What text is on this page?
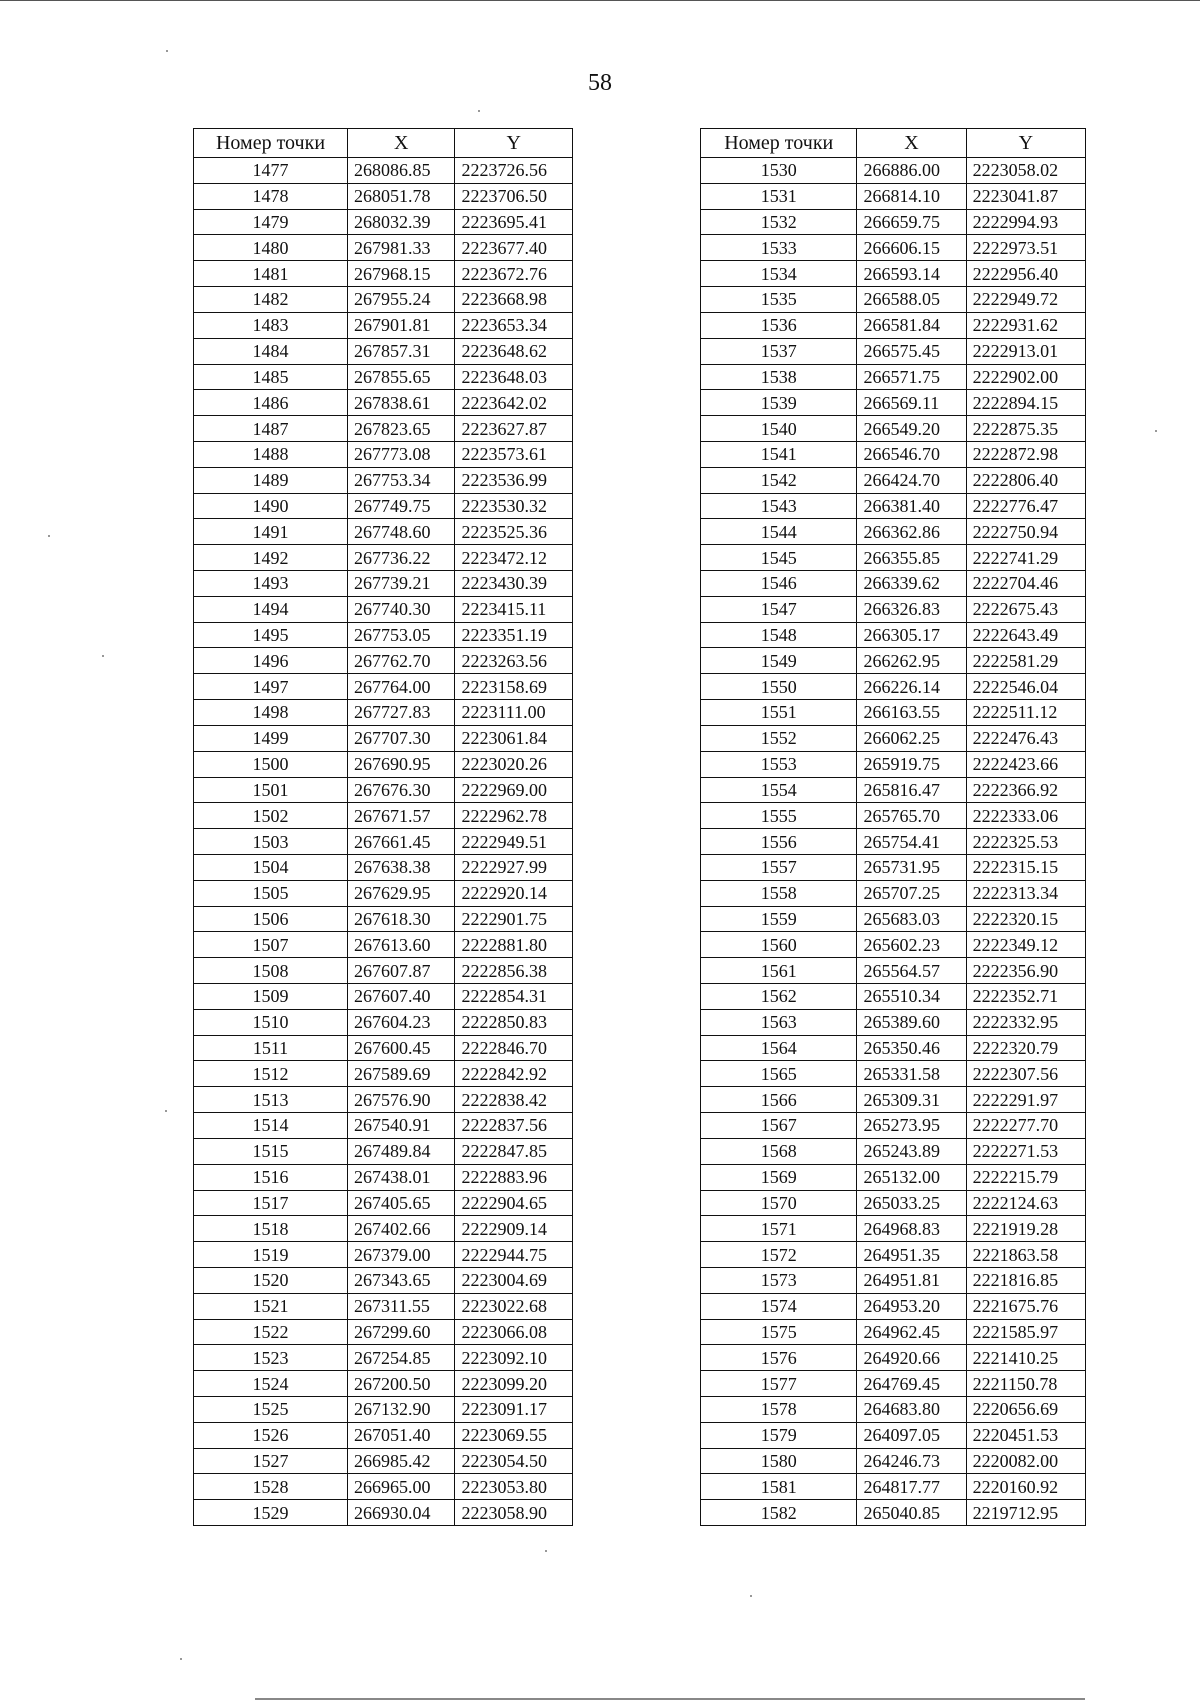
58
Номер точки	X	Y
1477	268086.85	2223726.56
1478	268051.78	2223706.50
1479	268032.39	2223695.41
1480	267981.33	2223677.40
1481	267968.15	2223672.76
1482	267955.24	2223668.98
1483	267901.81	2223653.34
1484	267857.31	2223648.62
1485	267855.65	2223648.03
1486	267838.61	2223642.02
1487	267823.65	2223627.87
1488	267773.08	2223573.61
1489	267753.34	2223536.99
1490	267749.75	2223530.32
1491	267748.60	2223525.36
1492	267736.22	2223472.12
1493	267739.21	2223430.39
1494	267740.30	2223415.11
1495	267753.05	2223351.19
1496	267762.70	2223263.56
1497	267764.00	2223158.69
1498	267727.83	2223111.00
1499	267707.30	2223061.84
1500	267690.95	2223020.26
1501	267676.30	2222969.00
1502	267671.57	2222962.78
1503	267661.45	2222949.51
1504	267638.38	2222927.99
1505	267629.95	2222920.14
1506	267618.30	2222901.75
1507	267613.60	2222881.80
1508	267607.87	2222856.38
1509	267607.40	2222854.31
1510	267604.23	2222850.83
1511	267600.45	2222846.70
1512	267589.69	2222842.92
1513	267576.90	2222838.42
1514	267540.91	2222837.56
1515	267489.84	2222847.85
1516	267438.01	2222883.96
1517	267405.65	2222904.65
1518	267402.66	2222909.14
1519	267379.00	2222944.75
1520	267343.65	2223004.69
1521	267311.55	2223022.68
1522	267299.60	2223066.08
1523	267254.85	2223092.10
1524	267200.50	2223099.20
1525	267132.90	2223091.17
1526	267051.40	2223069.55
1527	266985.42	2223054.50
1528	266965.00	2223053.80
1529	266930.04	2223058.90
Номер точки	X	Y
1530	266886.00	2223058.02
1531	266814.10	2223041.87
1532	266659.75	2222994.93
1533	266606.15	2222973.51
1534	266593.14	2222956.40
1535	266588.05	2222949.72
1536	266581.84	2222931.62
1537	266575.45	2222913.01
1538	266571.75	2222902.00
1539	266569.11	2222894.15
1540	266549.20	2222875.35
1541	266546.70	2222872.98
1542	266424.70	2222806.40
1543	266381.40	2222776.47
1544	266362.86	2222750.94
1545	266355.85	2222741.29
1546	266339.62	2222704.46
1547	266326.83	2222675.43
1548	266305.17	2222643.49
1549	266262.95	2222581.29
1550	266226.14	2222546.04
1551	266163.55	2222511.12
1552	266062.25	2222476.43
1553	265919.75	2222423.66
1554	265816.47	2222366.92
1555	265765.70	2222333.06
1556	265754.41	2222325.53
1557	265731.95	2222315.15
1558	265707.25	2222313.34
1559	265683.03	2222320.15
1560	265602.23	2222349.12
1561	265564.57	2222356.90
1562	265510.34	2222352.71
1563	265389.60	2222332.95
1564	265350.46	2222320.79
1565	265331.58	2222307.56
1566	265309.31	2222291.97
1567	265273.95	2222277.70
1568	265243.89	2222271.53
1569	265132.00	2222215.79
1570	265033.25	2222124.63
1571	264968.83	2221919.28
1572	264951.35	2221863.58
1573	264951.81	2221816.85
1574	264953.20	2221675.76
1575	264962.45	2221585.97
1576	264920.66	2221410.25
1577	264769.45	2221150.78
1578	264683.80	2220656.69
1579	264097.05	2220451.53
1580	264246.73	2220082.00
1581	264817.77	2220160.92
1582	265040.85	2219712.95
